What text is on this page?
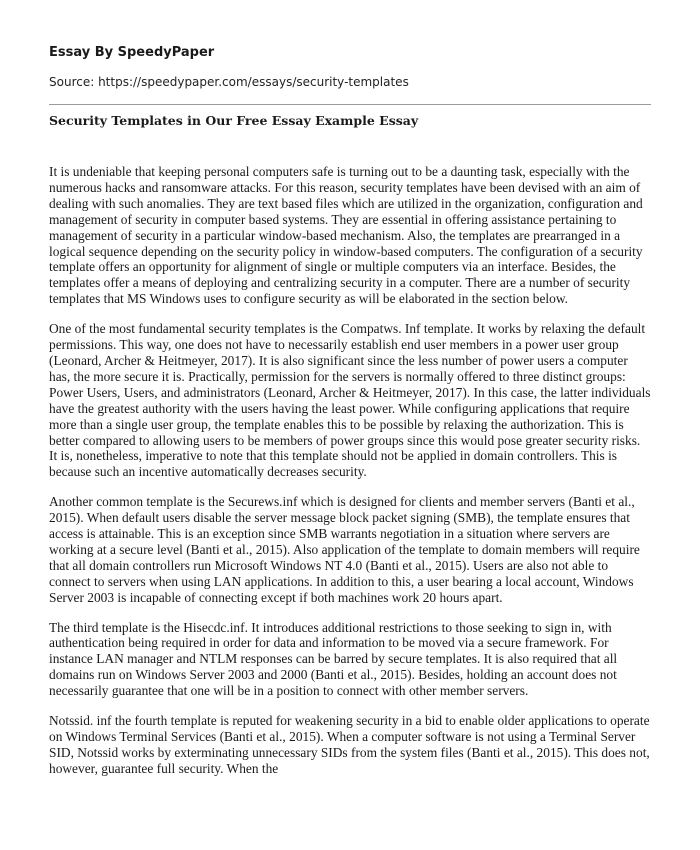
Essay By SpeedyPaper

Source: https://speedypaper.com/essays/security-templates

Security Templates in Our Free Essay Example Essay

It is undeniable that keeping personal computers safe is turning out to be a daunting task, especially with the numerous hacks and ransomware attacks. For this reason, security templates have been devised with an aim of dealing with such anomalies. They are text based files which are utilized in the organization, configuration and management of security in computer based systems. They are essential in offering assistance pertaining to management of security in a particular window-based mechanism. Also, the templates are prearranged in a logical sequence depending on the security policy in window-based computers. The configuration of a security template offers an opportunity for alignment of single or multiple computers via an interface. Besides, the templates offer a means of deploying and centralizing security in a computer. There are a number of security templates that MS Windows uses to configure security as will be elaborated in the section below.

One of the most fundamental security templates is the Compatws. Inf template. It works by relaxing the default permissions. This way, one does not have to necessarily establish end user members in a power user group (Leonard, Archer & Heitmeyer, 2017). It is also significant since the less number of power users a computer has, the more secure it is. Practically, permission for the servers is normally offered to three distinct groups: Power Users, Users, and administrators (Leonard, Archer & Heitmeyer, 2017). In this case, the latter individuals have the greatest authority with the users having the least power. While configuring applications that require more than a single user group, the template enables this to be possible by relaxing the authorization. This is better compared to allowing users to be members of power groups since this would pose greater security risks. It is, nonetheless, imperative to note that this template should not be applied in domain controllers. This is because such an incentive automatically decreases security.

Another common template is the Securews.inf which is designed for clients and member servers (Banti et al., 2015). When default users disable the server message block packet signing (SMB), the template ensures that access is attainable. This is an exception since SMB warrants negotiation in a situation where servers are working at a secure level (Banti et al., 2015). Also application of the template to domain members will require that all domain controllers run Microsoft Windows NT 4.0 (Banti et al., 2015). Users are also not able to connect to servers when using LAN applications. In addition to this, a user bearing a local account, Windows Server 2003 is incapable of connecting except if both machines work 20 hours apart.

The third template is the Hisecdc.inf. It introduces additional restrictions to those seeking to sign in, with authentication being required in order for data and information to be moved via a secure framework. For instance LAN manager and NTLM responses can be barred by secure templates. It is also required that all domains run on Windows Server 2003 and 2000 (Banti et al., 2015). Besides, holding an account does not necessarily guarantee that one will be in a position to connect with other member servers.

Notssid. inf the fourth template is reputed for weakening security in a bid to enable older applications to operate on Windows Terminal Services (Banti et al., 2015). When a computer software is not using a Terminal Server SID, Notssid works by exterminating unnecessary SIDs from the system files (Banti et al., 2015). This does not, however, guarantee full security. When the
